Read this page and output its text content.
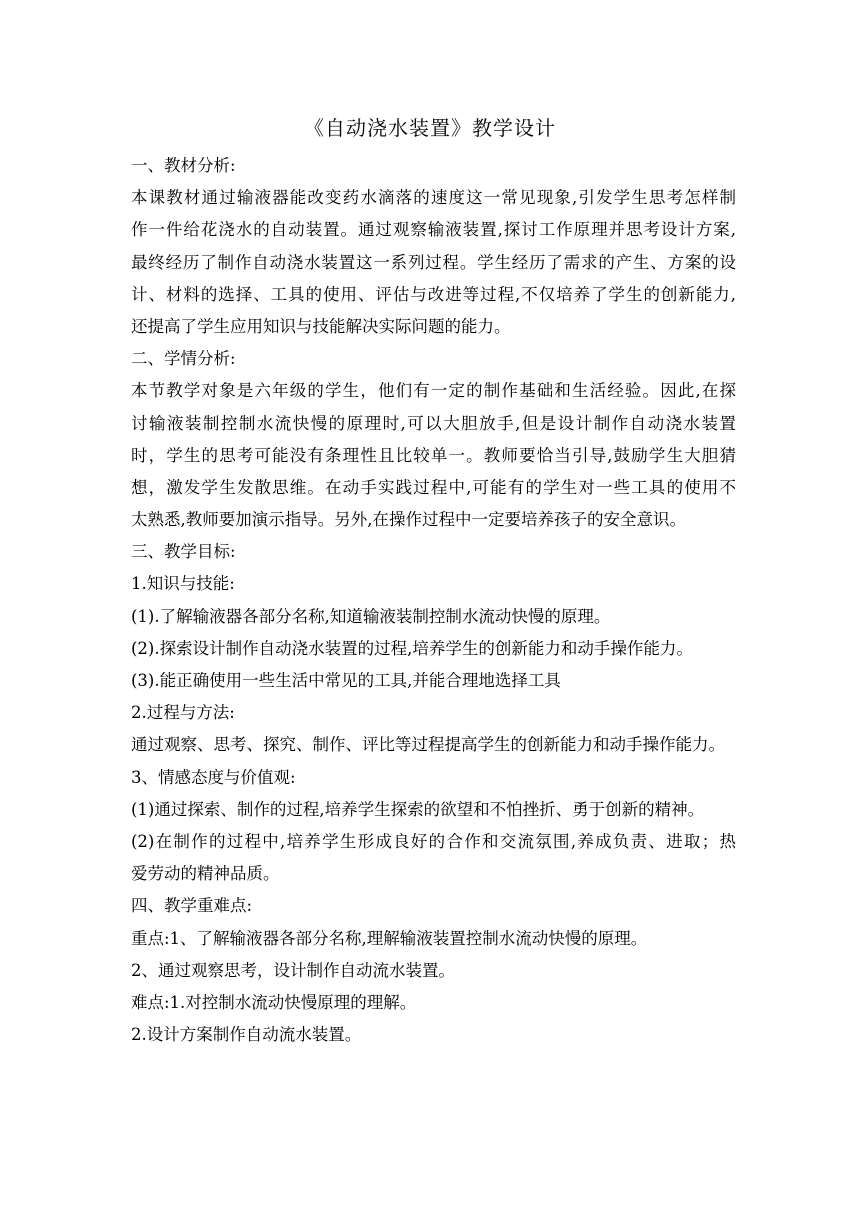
《自动浇水装置》教学设计
一、教材分析:
本课教材通过输液器能改变药水滴落的速度这一常见现象,引发学生思考怎样制
作一件给花浇水的自动装置。通过观察输液装置,探讨工作原理并思考设计方案,
最终经历了制作自动浇水装置这一系列过程。学生经历了需求的产生、方案的设
计、材料的选择、工具的使用、评估与改进等过程,不仅培养了学生的创新能力,
还提高了学生应用知识与技能解决实际问题的能力。
二、学情分析:
本节教学对象是六年级的学生，他们有一定的制作基础和生活经验。因此,在探
讨输液装制控制水流快慢的原理时,可以大胆放手,但是设计制作自动浇水装置
时，学生的思考可能没有条理性且比较单一。教师要恰当引导,鼓励学生大胆猜
想，激发学生发散思维。在动手实践过程中,可能有的学生对一些工具的使用不
太熟悉,教师要加演示指导。另外,在操作过程中一定要培养孩子的安全意识。
三、教学目标:
1.知识与技能:
(1).了解输液器各部分名称,知道输液装制控制水流动快慢的原理。
(2).探索设计制作自动浇水装置的过程,培养学生的创新能力和动手操作能力。
(3).能正确使用一些生活中常见的工具,并能合理地选择工具
2.过程与方法:
通过观察、思考、探究、制作、评比等过程提高学生的创新能力和动手操作能力。
3、情感态度与价值观:
(1)通过探索、制作的过程,培养学生探索的欲望和不怕挫折、勇于创新的精神。
(2)在制作的过程中,培养学生形成良好的合作和交流氛围,养成负责、进取；热
爱劳动的精神品质。
四、教学重难点:
重点:1、了解输液器各部分名称,理解输液装置控制水流动快慢的原理。
2、通过观察思考，设计制作自动流水装置。
难点:1.对控制水流动快慢原理的理解。
2.设计方案制作自动流水装置。
